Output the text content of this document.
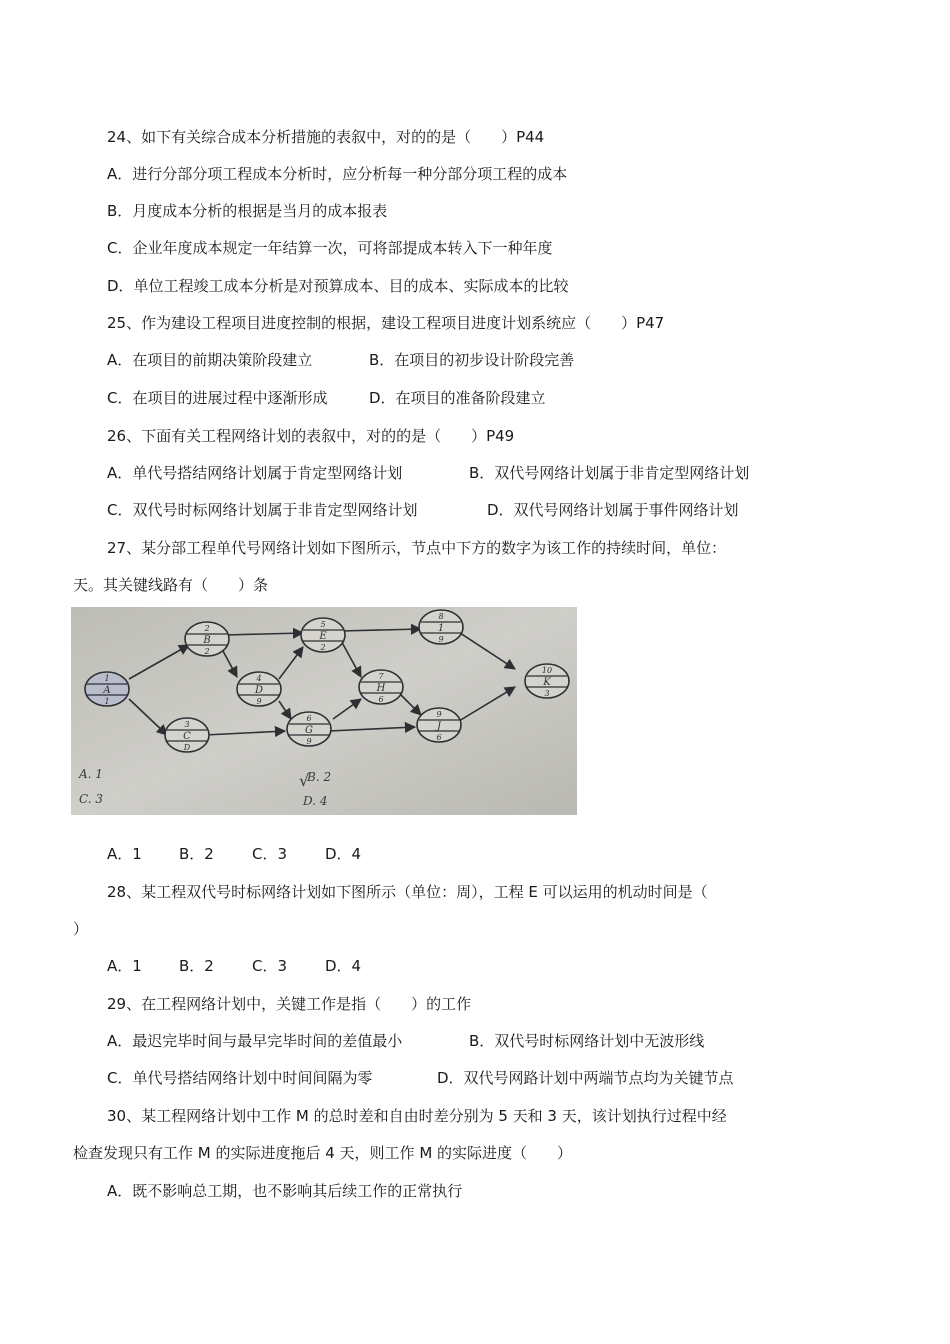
24、如下有关综合成本分析措施的表叙中，对的的是（　　）P44
A．进行分部分项工程成本分析时，应分析每一种分部分项工程的成本
B．月度成本分析的根据是当月的成本报表
C．企业年度成本规定一年结算一次，可将部提成本转入下一种年度
D．单位工程竣工成本分析是对预算成本、目的成本、实际成本的比较
25、作为建设工程项目进度控制的根据，建设工程项目进度计划系统应（　　）P47
A．在项目的前期决策阶段建立	B．在项目的初步设计阶段完善
C．在项目的进展过程中逐渐形成	D．在项目的准备阶段建立
26、下面有关工程网络计划的表叙中，对的的是（　　）P49
A．单代号搭结网络计划属于肯定型网络计划	B．双代号网络计划属于非肯定型网络计划
C．双代号时标网络计划属于非肯定型网络计划	D．双代号网络计划属于事件网络计划
27、某分部工程单代号网络计划如下图所示，节点中下方的数字为该工作的持续时间，单位：
天。其关键线路有（　　）条
1
A
1
2
B
2
3
C
D
4
D
9
5
E
2
6
G
9
7
H
6
8
1
9
9
J
6
10
K
3
A. 1
C. 3
√
B. 2
D. 4
A．1 B．2	C．3	D．4
28、某工程双代号时标网络计划如下图所示（单位：周），工程 E 可以运用的机动时间是（
）
A．1 B．2	C．3	D．4
29、在工程网络计划中，关键工作是指（　　）的工作
A．最迟完毕时间与最早完毕时间的差值最小	B．双代号时标网络计划中无波形线
C．单代号搭结网络计划中时间间隔为零	D．双代号网路计划中两端节点均为关键节点
30、某工程网络计划中工作 M 的总时差和自由时差分别为 5 天和 3 天，该计划执行过程中经
检查发现只有工作 M 的实际进度拖后 4 天，则工作 M 的实际进度（　　）
A．既不影响总工期，也不影响其后续工作的正常执行
